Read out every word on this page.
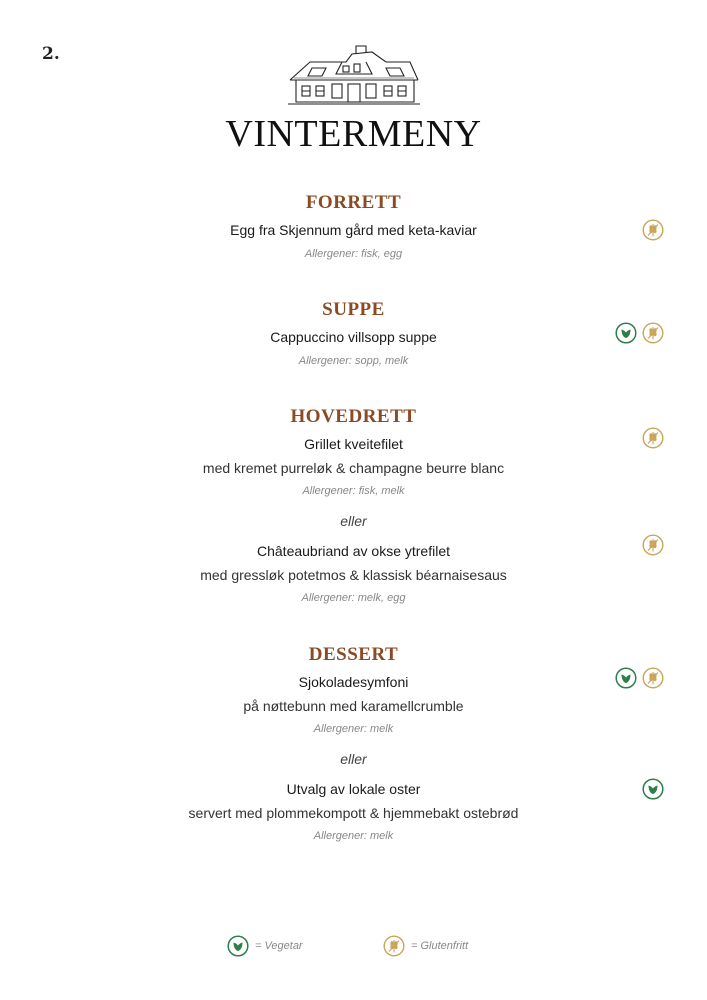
2.
VINTERMENY
FORRETT
Egg fra Skjennum gård med keta-kaviar
Allergener: fisk, egg
SUPPE
Cappuccino villsopp suppe
Allergener: sopp, melk
HOVEDRETT
Grillet kveitefilet
med kremet purreløk & champagne beurre blanc
Allergener: fisk, melk
eller
Châteaubriand av okse ytrefilet
med gressløk potetmos & klassisk béarnaisesaus
Allergener: melk, egg
DESSERT
Sjokoladesymfoni
på nøttebunn med karamellcrumble
Allergener: melk
eller
Utvalg av lokale oster
servert med plommekompott & hjemmebakt ostebrød
Allergener: melk
= Vegetar	= Glutenfritt
